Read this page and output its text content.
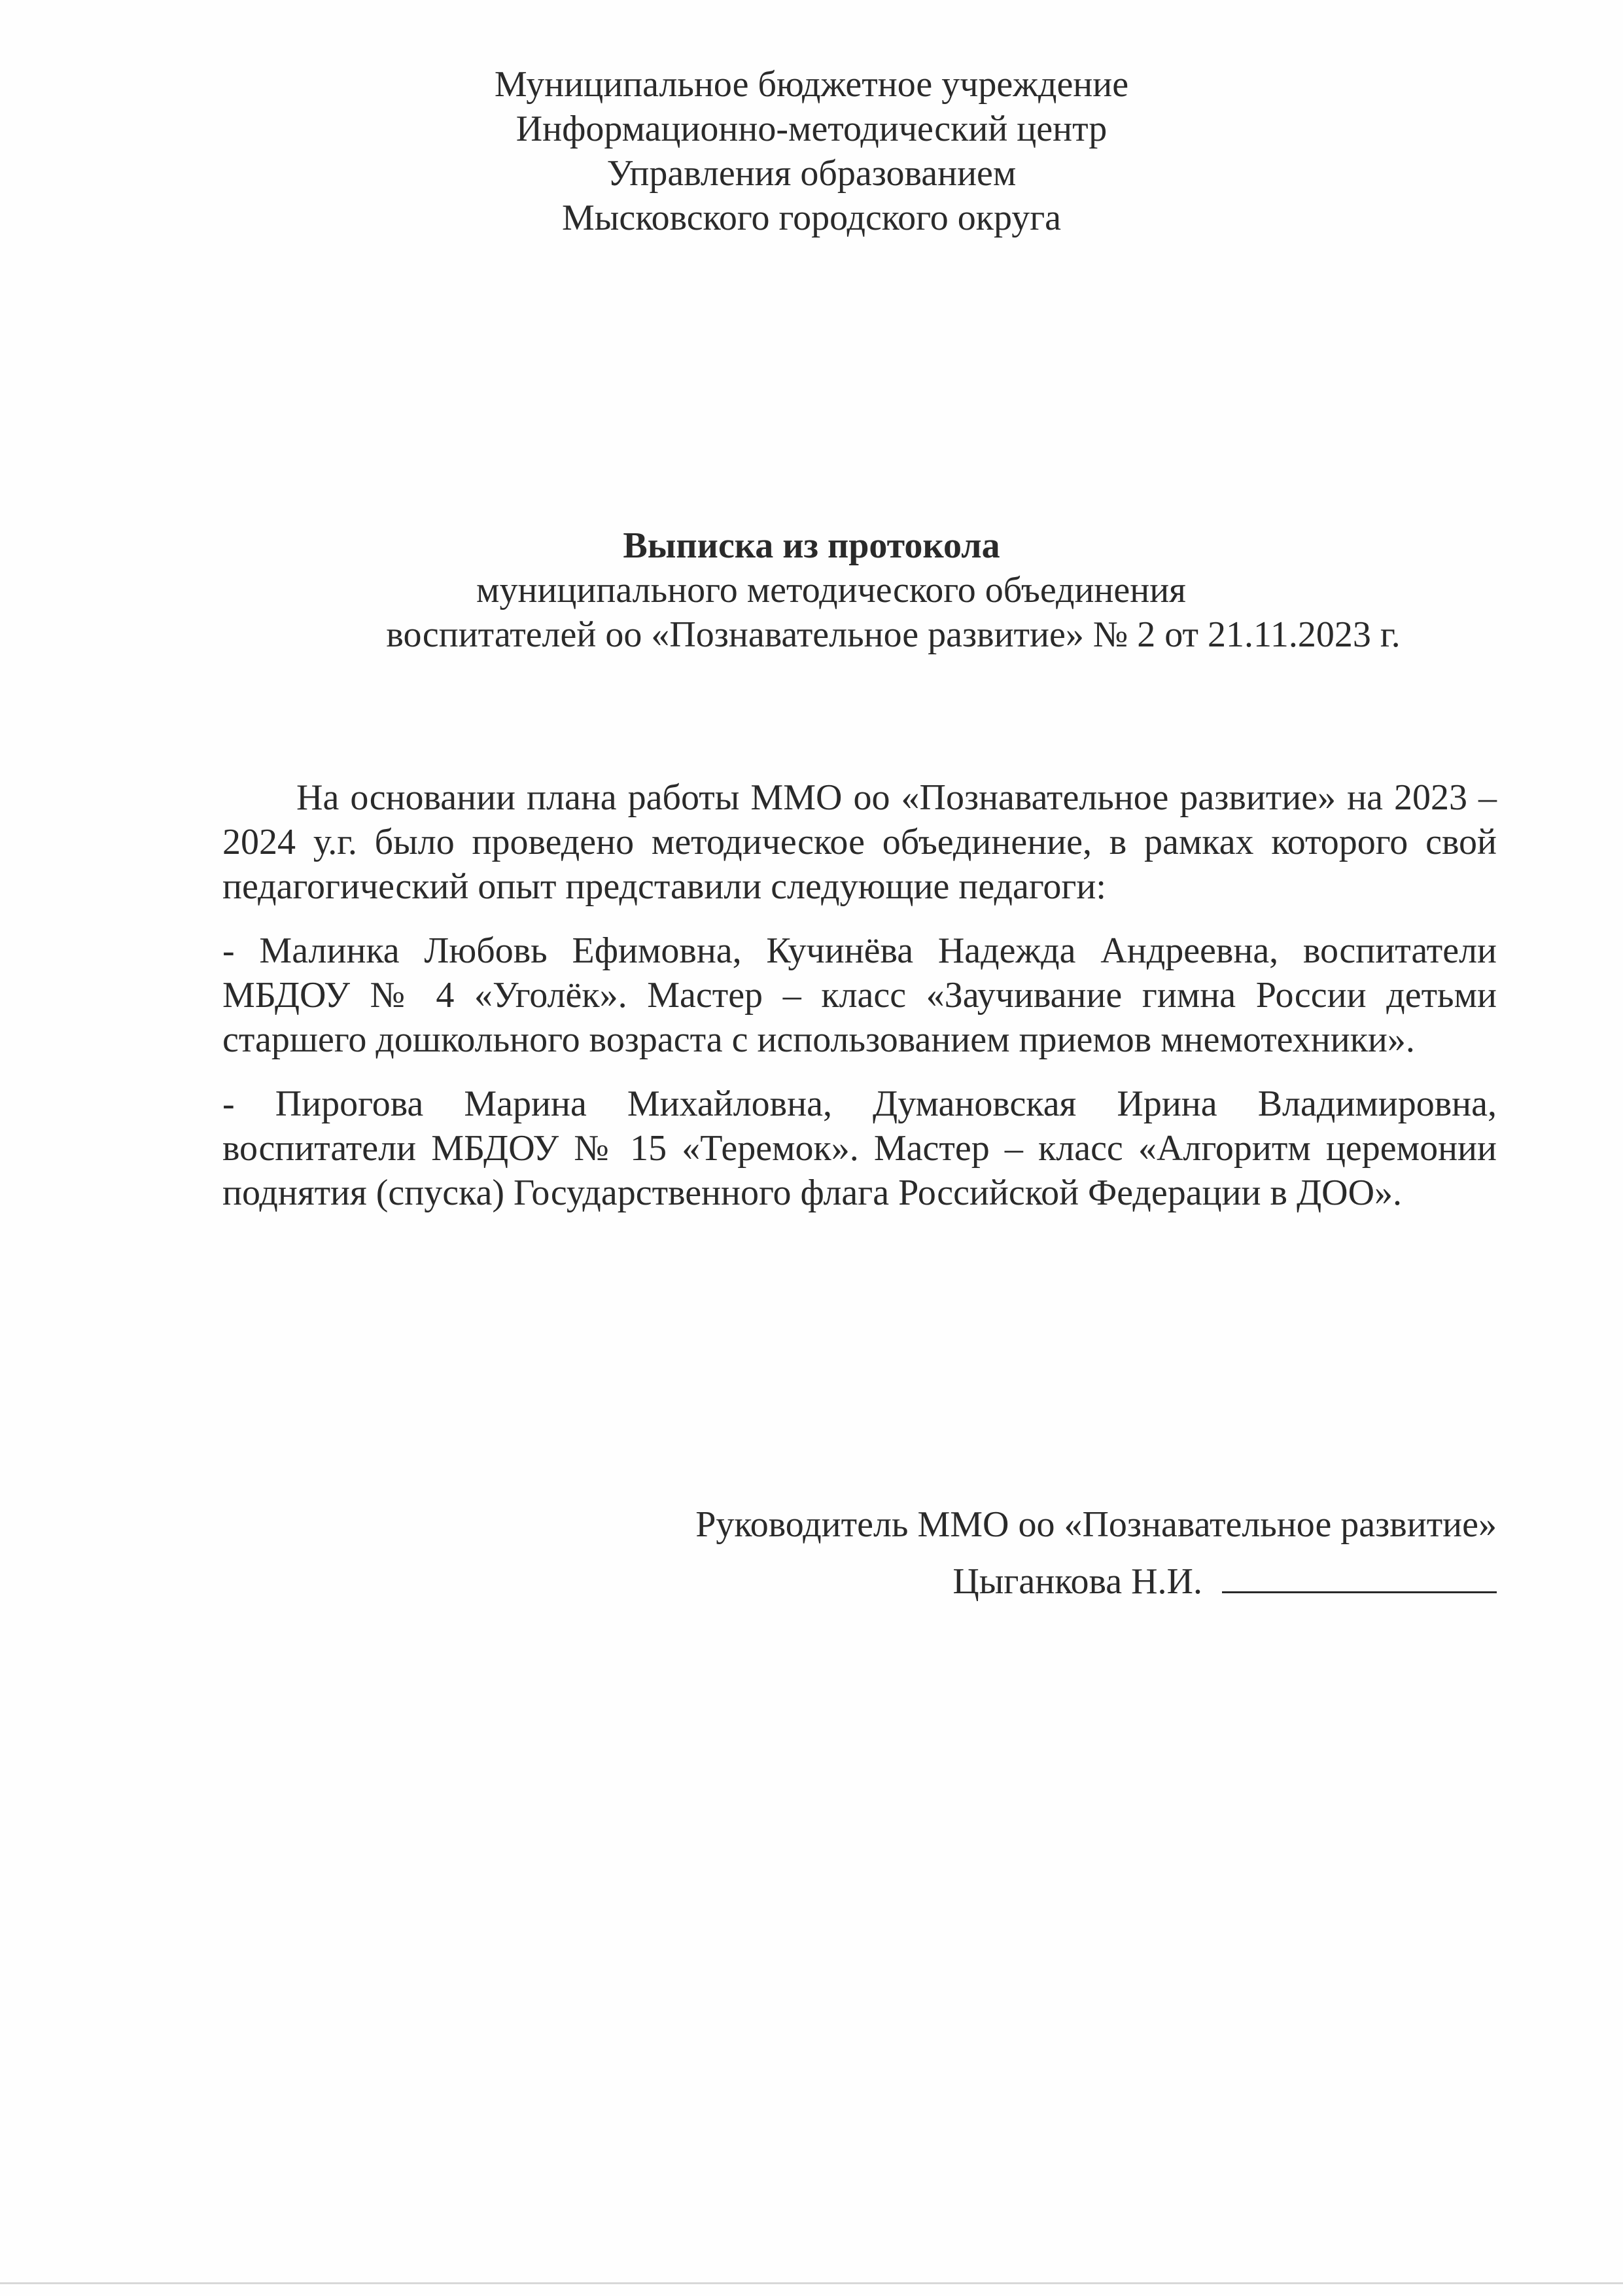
Муниципальное бюджетное учреждение
Информационно-методический центр
Управления образованием
Мысковского городского округа
Выписка из протокола
муниципального методического объединения
воспитателей оо «Познавательное развитие» № 2 от 21.11.2023 г.

На основании плана работы ММО оо «Познавательное развитие» на 2023 – 2024 у.г. было проведено методическое объединение, в рамках которого свой педагогический опыт представили следующие педагоги:

- Малинка Любовь Ефимовна, Кучинёва Надежда Андреевна, воспитатели МБДОУ № 4 «Уголёк». Мастер – класс «Заучивание гимна России детьми старшего дошкольного возраста с использованием приемов мнемотехники».

- Пирогова Марина Михайловна, Думановская Ирина Владимировна, воспитатели МБДОУ № 15 «Теремок». Мастер – класс «Алгоритм церемонии поднятия (спуска) Государственного флага Российской Федерации в ДОО».

Руководитель ММО оо «Познавательное развитие»
Цыганкова Н.И.
